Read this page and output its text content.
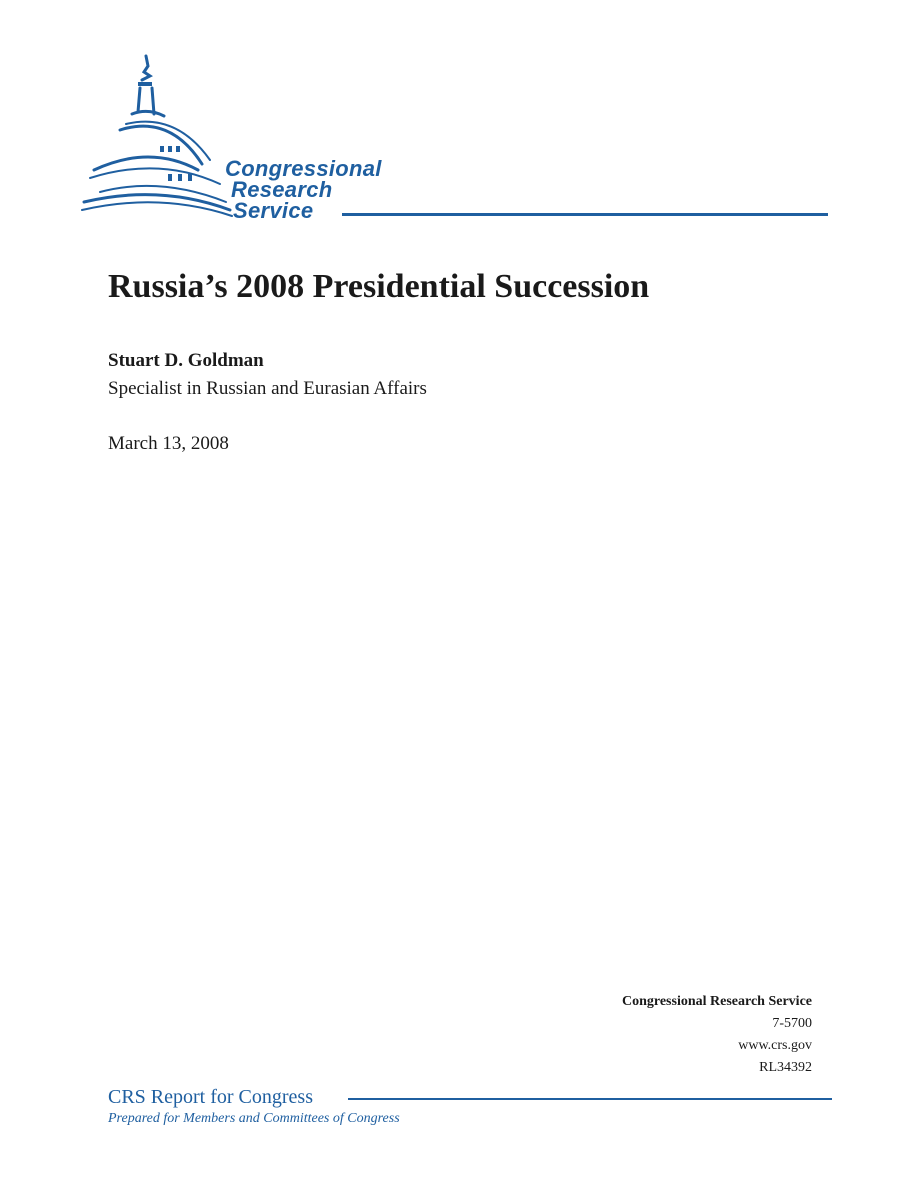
Congressional
Research
Service
Russia’s 2008 Presidential Succession
Stuart D. Goldman
Specialist in Russian and Eurasian Affairs
March 13, 2008
Congressional Research Service
7-5700
www.crs.gov
RL34392
CRS Report for Congress
Prepared for Members and Committees of Congress
